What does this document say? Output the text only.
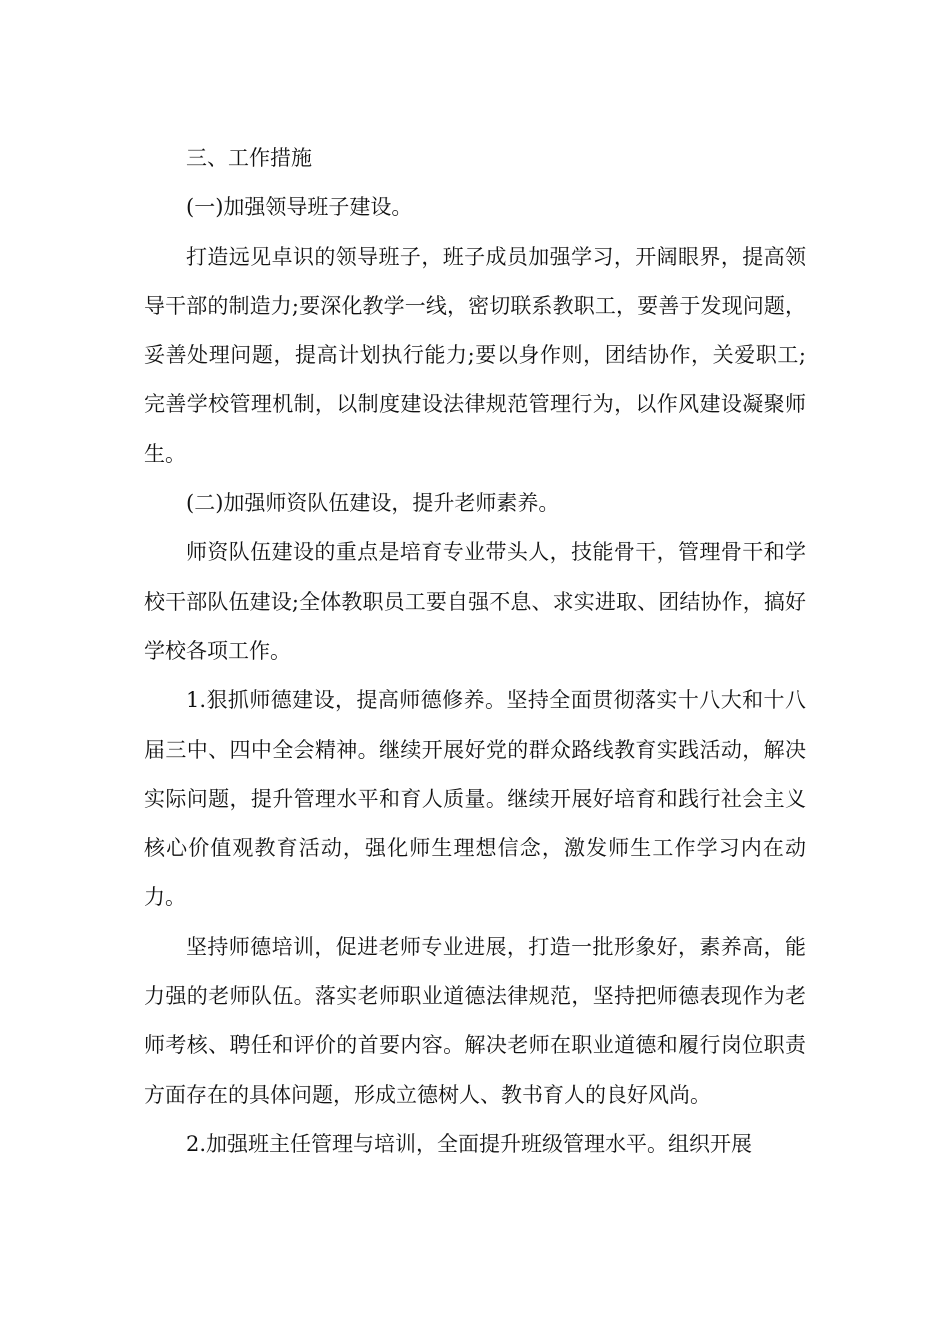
三、工作措施

(一)加强领导班子建设。

打造远见卓识的领导班子，班子成员加强学习，开阔眼界，提高领导干部的制造力;要深化教学一线，密切联系教职工，要善于发现问题，妥善处理问题，提高计划执行能力;要以身作则，团结协作，关爱职工;完善学校管理机制，以制度建设法律规范管理行为，以作风建设凝聚师生。

(二)加强师资队伍建设，提升老师素养。

师资队伍建设的重点是培育专业带头人，技能骨干，管理骨干和学校干部队伍建设;全体教职员工要自强不息、求实进取、团结协作，搞好学校各项工作。

1.狠抓师德建设，提高师德修养。坚持全面贯彻落实十八大和十八届三中、四中全会精神。继续开展好党的群众路线教育实践活动，解决实际问题，提升管理水平和育人质量。继续开展好培育和践行社会主义核心价值观教育活动，强化师生理想信念，激发师生工作学习内在动力。

坚持师德培训，促进老师专业进展，打造一批形象好，素养高，能力强的老师队伍。落实老师职业道德法律规范，坚持把师德表现作为老师考核、聘任和评价的首要内容。解决老师在职业道德和履行岗位职责方面存在的具体问题，形成立德树人、教书育人的良好风尚。

2.加强班主任管理与培训，全面提升班级管理水平。组织开展
